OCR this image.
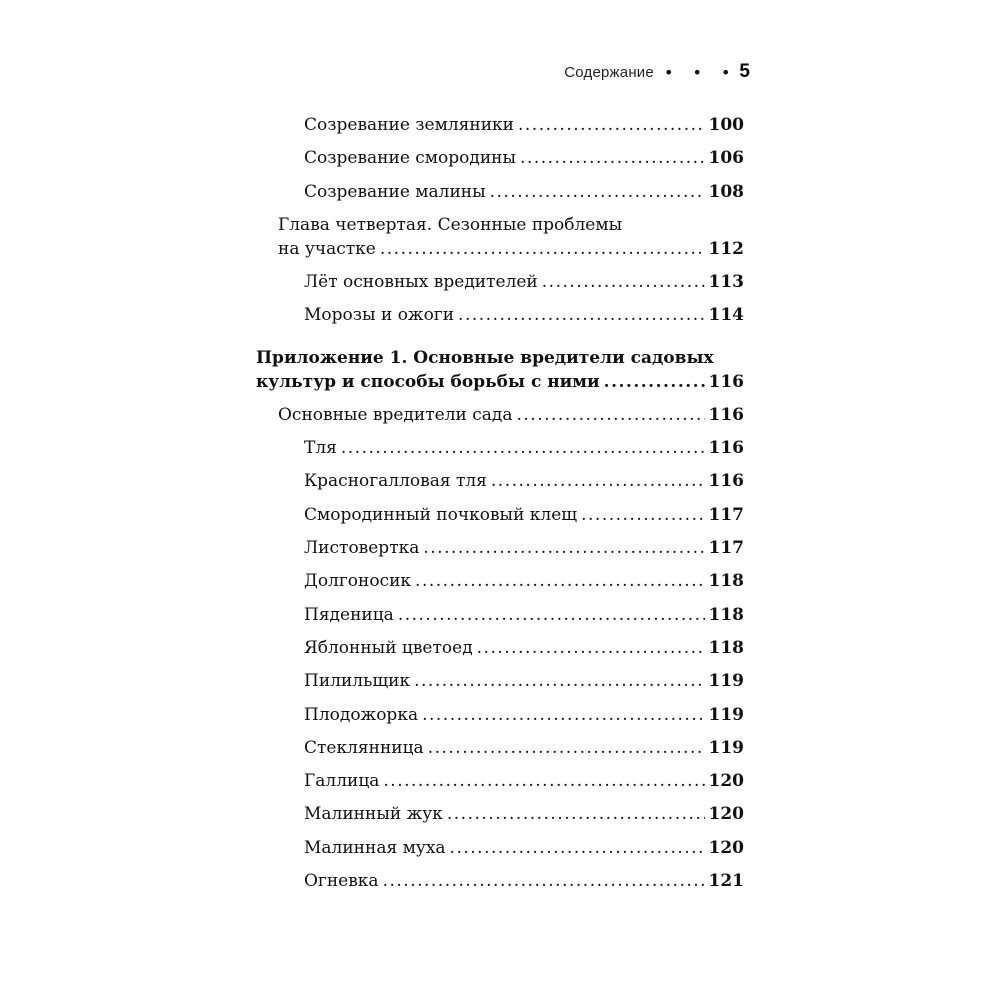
Содержание • • • 5
Созревание земляники .....	100
Созревание смородины .....	106
Созревание малины .....	108
Глава четвертая. Сезонные проблемы
на участке .....	112
Лёт основных вредителей .....	113
Морозы и ожоги .....	114
Приложение 1. Основные вредители садовых
культур и способы борьбы с ними .....	116
Основные вредители сада .....	116
Тля .....	116
Красногалловая тля .....	116
Смородинный почковый клещ .....	117
Листовертка .....	117
Долгоносик .....	118
Пяденица .....	118
Яблонный цветоед .....	118
Пилильщик .....	119
Плодожорка .....	119
Стеклянница .....	119
Галлица .....	120
Малинный жук .....	120
Малинная муха .....	120
Огневка .....	121
